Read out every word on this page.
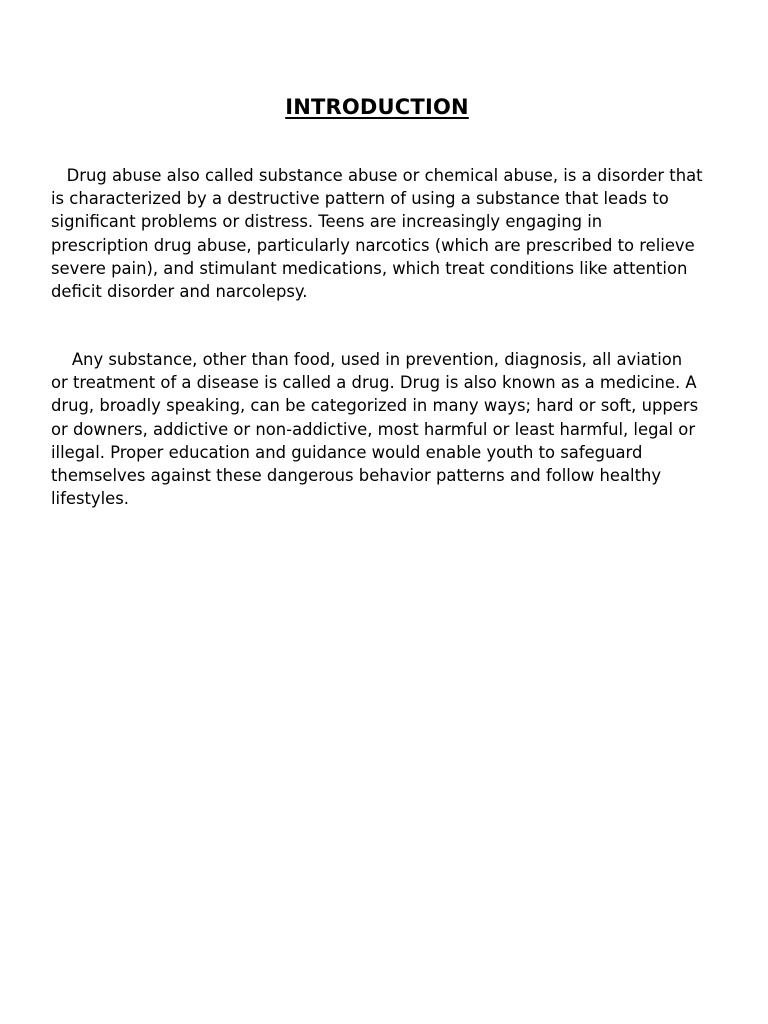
INTRODUCTION

Drug abuse also called substance abuse or chemical abuse, is a disorder that is characterized by a destructive pattern of using a substance that leads to significant problems or distress. Teens are increasingly engaging in prescription drug abuse, particularly narcotics (which are prescribed to relieve severe pain), and stimulant medications, which treat conditions like attention deficit disorder and narcolepsy.

Any substance, other than food, used in prevention, diagnosis, all aviation or treatment of a disease is called a drug. Drug is also known as a medicine. A drug, broadly speaking, can be categorized in many ways; hard or soft, uppers or downers, addictive or non-addictive, most harmful or least harmful, legal or illegal. Proper education and guidance would enable youth to safeguard themselves against these dangerous behavior patterns and follow healthy lifestyles.
